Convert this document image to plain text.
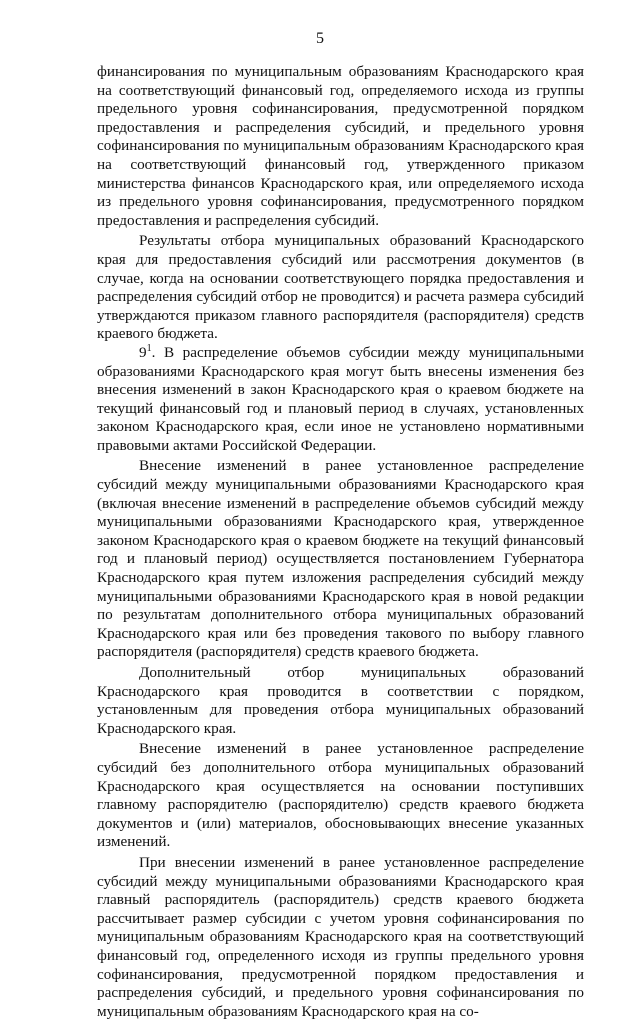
5

финансирования по муниципальным образованиям Краснодарского края на соответствующий финансовый год, определяемого исхода из группы предельного уровня софинансирования, предусмотренной порядком предоставления и распределения субсидий, и предельного уровня софинансирования по муниципальным образованиям Краснодарского края на соответствующий финансовый год, утвержденного приказом министерства финансов Краснодарского края, или определяемого исхода из предельного уровня софинансирования, предусмотренного порядком предоставления и распределения субсидий.

Результаты отбора муниципальных образований Краснодарского края для предоставления субсидий или рассмотрения документов (в случае, когда на основании соответствующего порядка предоставления и распределения субсидий отбор не проводится) и расчета размера субсидий утверждаются приказом главного распорядителя (распорядителя) средств краевого бюджета.

$9^1$. В распределение объемов субсидии между муниципальными образованиями Краснодарского края могут быть внесены изменения без внесения изменений в закон Краснодарского края о краевом бюджете на текущий финансовый год и плановый период в случаях, установленных законом Краснодарского края, если иное не установлено нормативными правовыми актами Российской Федерации.

Внесение изменений в ранее установленное распределение субсидий между муниципальными образованиями Краснодарского края (включая внесение изменений в распределение объемов субсидий между муниципальными образованиями Краснодарского края, утвержденное законом Краснодарского края о краевом бюджете на текущий финансовый год и плановый период) осуществляется постановлением Губернатора Краснодарского края путем изложения распределения субсидий между муниципальными образованиями Краснодарского края в новой редакции по результатам дополнительного отбора муниципальных образований Краснодарского края или без проведения такового по выбору главного распорядителя (распорядителя) средств краевого бюджета.

Дополнительный отбор муниципальных образований Краснодарского края проводится в соответствии с порядком, установленным для проведения отбора муниципальных образований Краснодарского края.

Внесение изменений в ранее установленное распределение субсидий без дополнительного отбора муниципальных образований Краснодарского края осуществляется на основании поступивших главному распорядителю (распорядителю) средств краевого бюджета документов и (или) материалов, обосновывающих внесение указанных изменений.

При внесении изменений в ранее установленное распределение субсидий между муниципальными образованиями Краснодарского края главный распорядитель (распорядитель) средств краевого бюджета рассчитывает размер субсидии с учетом уровня софинансирования по муниципальным образованиям Краснодарского края на соответствующий финансовый год, определенного исходя из группы предельного уровня софинансирования, предусмотренной порядком предоставления и распределения субсидий, и предельного уровня софинансирования по муниципальным образованиям Краснодарского края на со-
